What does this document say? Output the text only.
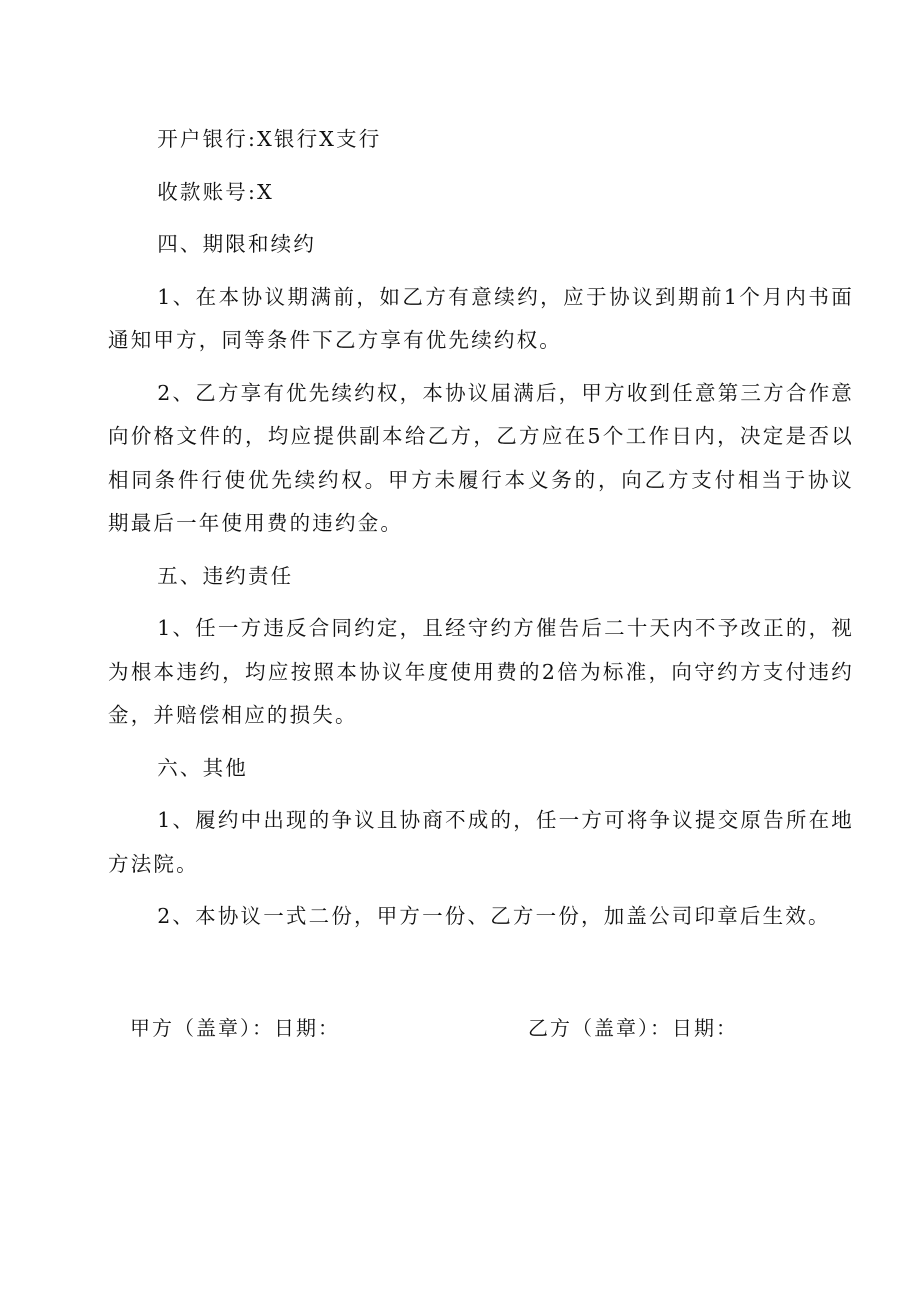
开户银行:X银行X支行

收款账号:X

四、期限和续约

1、在本协议期满前，如乙方有意续约，应于协议到期前1个月内书面通知甲方，同等条件下乙方享有优先续约权。

2、乙方享有优先续约权，本协议届满后，甲方收到任意第三方合作意向价格文件的，均应提供副本给乙方，乙方应在5个工作日内，决定是否以相同条件行使优先续约权。甲方未履行本义务的，向乙方支付相当于协议期最后一年使用费的违约金。

五、违约责任

1、任一方违反合同约定，且经守约方催告后二十天内不予改正的，视为根本违约，均应按照本协议年度使用费的2倍为标准，向守约方支付违约金，并赔偿相应的损失。

六、其他

1、履约中出现的争议且协商不成的，任一方可将争议提交原告所在地方法院。

2、本协议一式二份，甲方一份、乙方一份，加盖公司印章后生效。

甲方（盖章）：日期：	乙方（盖章）：日期：
